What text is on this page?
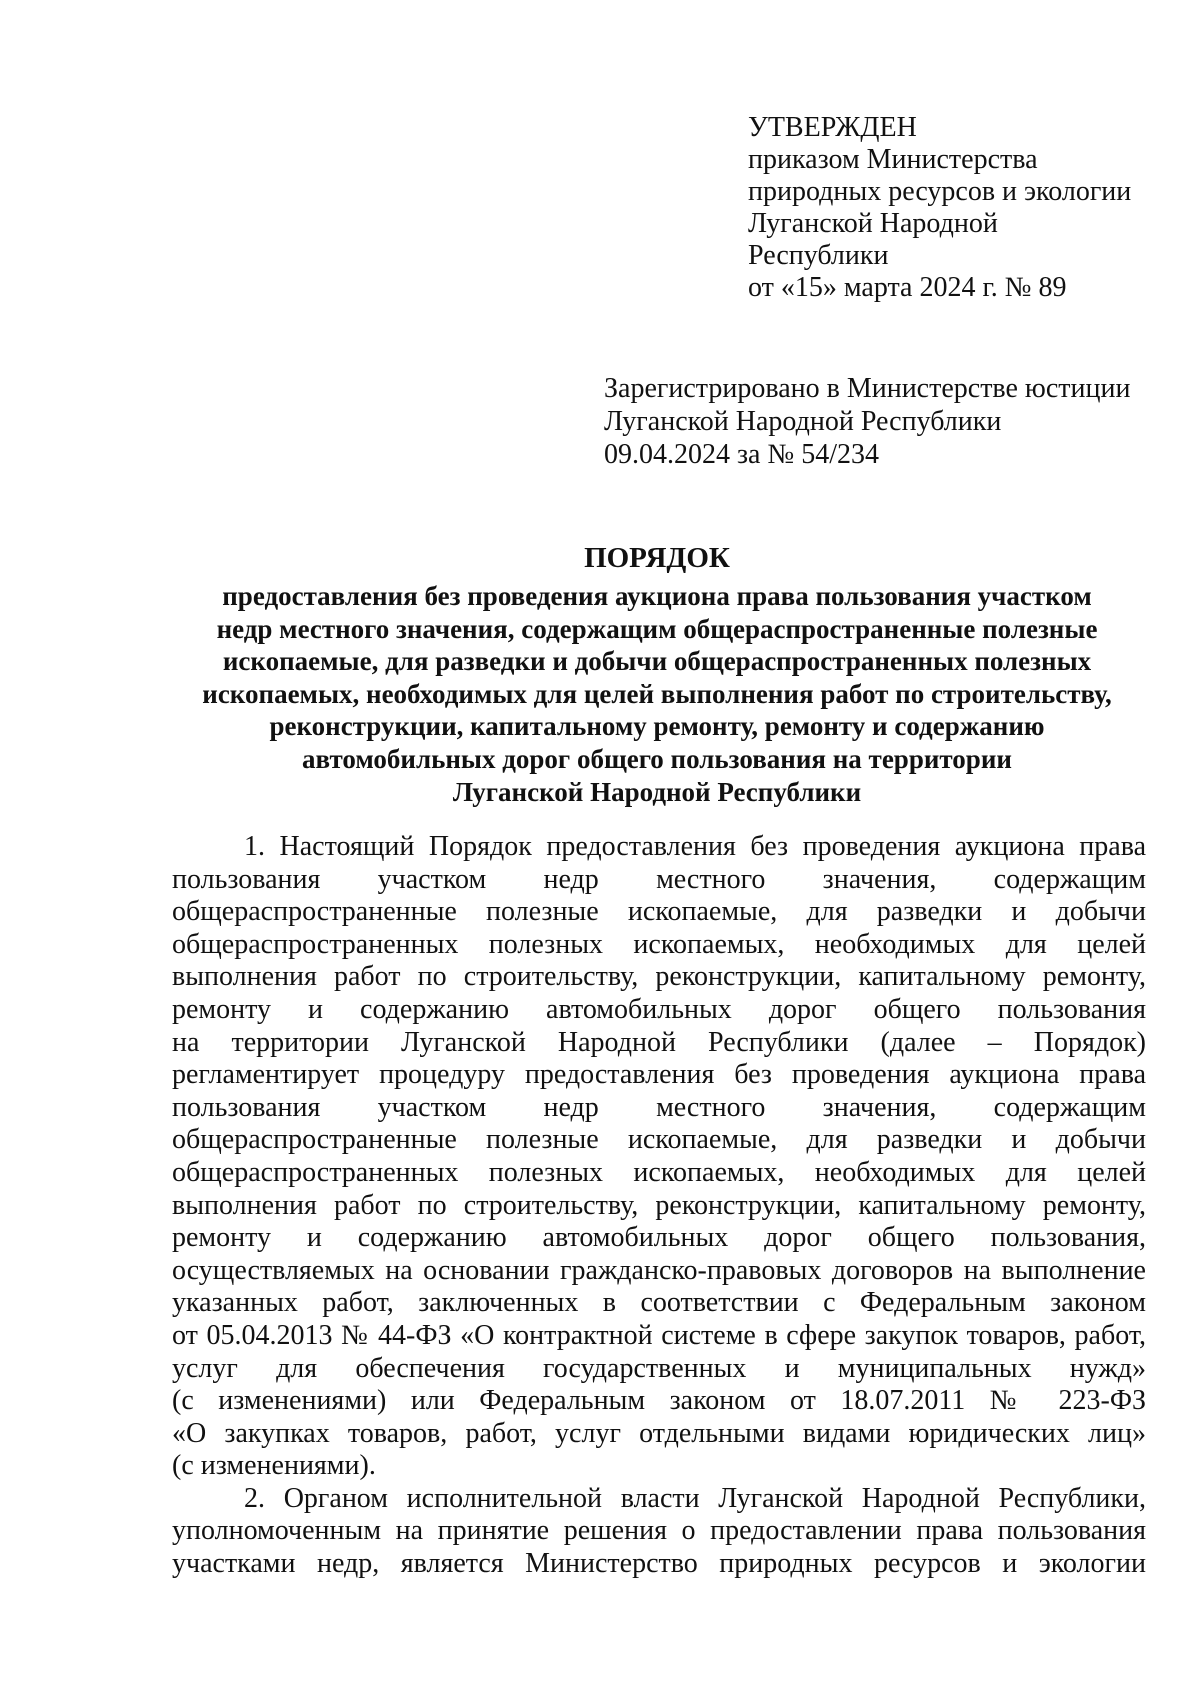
УТВЕРЖДЕН
приказом Министерства
природных ресурсов и экологии
Луганской Народной
Республики
от «15» марта 2024 г. № 89
Зарегистрировано в Министерстве юстиции
Луганской Народной Республики
09.04.2024 за № 54/234
ПОРЯДОК
предоставления без проведения аукциона права пользования участком
недр местного значения, содержащим общераспространенные полезные
ископаемые, для разведки и добычи общераспространенных полезных
ископаемых, необходимых для целей выполнения работ по строительству,
реконструкции, капитальному ремонту, ремонту и содержанию
автомобильных дорог общего пользования на территории
Луганской Народной Республики
1. Настоящий Порядок предоставления без проведения аукциона права
пользования участком недр местного значения, содержащим
общераспространенные полезные ископаемые, для разведки и добычи
общераспространенных полезных ископаемых, необходимых для целей
выполнения работ по строительству, реконструкции, капитальному ремонту,
ремонту и содержанию автомобильных дорог общего пользования
на территории Луганской Народной Республики (далее – Порядок)
регламентирует процедуру предоставления без проведения аукциона права
пользования участком недр местного значения, содержащим
общераспространенные полезные ископаемые, для разведки и добычи
общераспространенных полезных ископаемых, необходимых для целей
выполнения работ по строительству, реконструкции, капитальному ремонту,
ремонту и содержанию автомобильных дорог общего пользования,
осуществляемых на основании гражданско-правовых договоров на выполнение
указанных работ, заключенных в соответствии с Федеральным законом
от 05.04.2013 № 44-ФЗ «О контрактной системе в сфере закупок товаров, работ,
услуг для обеспечения государственных и муниципальных нужд»
(с изменениями) или Федеральным законом от 18.07.2011 № 223-ФЗ
«О закупках товаров, работ, услуг отдельными видами юридических лиц»
(с изменениями).
2. Органом исполнительной власти Луганской Народной Республики,
уполномоченным на принятие решения о предоставлении права пользования
участками недр, является Министерство природных ресурсов и экологии
